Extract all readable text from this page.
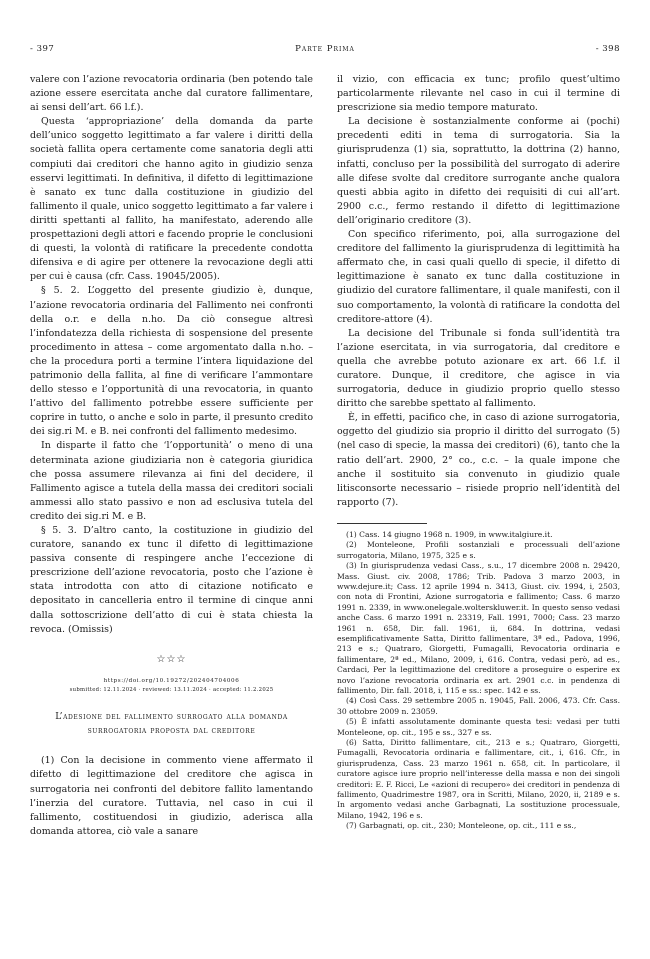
- 397	Parte Prima	- 398

valere con l’azione revocatoria ordinaria (ben potendo tale azione essere esercitata anche dal curatore fallimentare, ai sensi dell’art. 66 l.f.).

Questa ‘appropriazione’ della domanda da parte dell’unico soggetto legittimato a far valere i diritti della società fallita opera certamente come sanatoria degli atti compiuti dai creditori che hanno agito in giudizio senza esservi legittimati. In definitiva, il difetto di legittimazione è sanato ex tunc dalla costituzione in giudizio del fallimento il quale, unico soggetto legittimato a far valere i diritti spettanti al fallito, ha manifestato, aderendo alle prospettazioni degli attori e facendo proprie le conclusioni di questi, la volontà di ratificare la precedente condotta difensiva e di agire per ottenere la revocazione degli atti per cui è causa (cfr. Cass. 19045/2005).

§ 5. 2. L’oggetto del presente giudizio è, dunque, l’azione revocatoria ordinaria del Fallimento nei confronti della o.r. e della n.ho. Da ciò consegue altresì l’infondatezza della richiesta di sospensione del presente procedimento in attesa – come argomentato dalla n.ho. – che la procedura porti a termine l’intera liquidazione del patrimonio della fallita, al fine di verificare l’ammontare dello stesso e l’opportunità di una revocatoria, in quanto l’attivo del fallimento potrebbe essere sufficiente per coprire in tutto, o anche e solo in parte, il presunto credito dei sig.ri M. e B. nei confronti del fallimento medesimo.

In disparte il fatto che ‘l’opportunità’ o meno di una determinata azione giudiziaria non è categoria giuridica che possa assumere rilevanza ai fini del decidere, il Fallimento agisce a tutela della massa dei creditori sociali ammessi allo stato passivo e non ad esclusiva tutela del credito dei sig.ri M. e B.

§ 5. 3. D’altro canto, la costituzione in giudizio del curatore, sanando ex tunc il difetto di legittimazione passiva consente di respingere anche l’eccezione di prescrizione dell’azione revocatoria, posto che l’azione è stata introdotta con atto di citazione notificato e depositato in cancelleria entro il termine di cinque anni dalla sottoscrizione dell’atto di cui è stata chiesta la revoca. (Omissis)

☆☆☆
https://doi.org/10.19272/202404704006
submitted: 12.11.2024 · reviewed: 13.11.2024 · accepted: 11.2.2025
L’adesione del fallimento surrogato alla domanda surrogatoria proposta dal creditore

(1) Con la decisione in commento viene affermato il difetto di legittimazione del creditore che agisca in surrogatoria nei confronti del debitore fallito lamentando l’inerzia del curatore. Tuttavia, nel caso in cui il fallimento, costituendosi in giudizio, aderisca alla domanda attorea, ciò vale a sanare

il vizio, con efficacia ex tunc; profilo quest’ultimo particolarmente rilevante nel caso in cui il termine di prescrizione sia medio tempore maturato.

La decisione è sostanzialmente conforme ai (pochi) precedenti editi in tema di surrogatoria. Sia la giurisprudenza (1) sia, soprattutto, la dottrina (2) hanno, infatti, concluso per la possibilità del surrogato di aderire alle difese svolte dal creditore surrogante anche qualora questi abbia agito in difetto dei requisiti di cui all’art. 2900 c.c., fermo restando il difetto di legittimazione dell’originario creditore (3).

Con specifico riferimento, poi, alla surrogazione del creditore del fallimento la giurisprudenza di legittimità ha affermato che, in casi quali quello di specie, il difetto di legittimazione è sanato ex tunc dalla costituzione in giudizio del curatore fallimentare, il quale manifesti, con il suo comportamento, la volontà di ratificare la condotta del creditore-attore (4).

La decisione del Tribunale si fonda sull’identità tra l’azione esercitata, in via surrogatoria, dal creditore e quella che avrebbe potuto azionare ex art. 66 l.f. il curatore. Dunque, il creditore, che agisce in via surrogatoria, deduce in giudizio proprio quello stesso diritto che sarebbe spettato al fallimento.

È, in effetti, pacifico che, in caso di azione surrogatoria, oggetto del giudizio sia proprio il diritto del surrogato (5) (nel caso di specie, la massa dei creditori) (6), tanto che la ratio dell’art. 2900, 2° co., c.c. – la quale impone che anche il sostituito sia convenuto in giudizio quale litisconsorte necessario – risiede proprio nell’identità del rapporto (7).

(1) Cass. 14 giugno 1968 n. 1909, in www.italgiure.it.

(2) Monteleone, Profili sostanziali e processuali dell’azione surrogatoria, Milano, 1975, 325 e s.

(3) In giurisprudenza vedasi Cass., s.u., 17 dicembre 2008 n. 29420, Mass. Giust. civ. 2008, 1786; Trib. Padova 3 marzo 2003, in www.dejure.it; Cass. 12 aprile 1994 n. 3413, Giust. civ. 1994, i, 2503, con nota di Frontini, Azione surrogatoria e fallimento; Cass. 6 marzo 1991 n. 2339, in www.onelegale.wolterskluwer.it. In questo senso vedasi anche Cass. 6 marzo 1991 n. 23319, Fall. 1991, 7000; Cass. 23 marzo 1961 n. 658, Dir. fall. 1961, ii, 684. In dottrina, vedasi esemplificativamente Satta, Diritto fallimentare, 3ª ed., Padova, 1996, 213 e s.; Quatraro, Giorgetti, Fumagalli, Revocatoria ordinaria e fallimentare, 2ª ed., Milano, 2009, i, 616. Contra, vedasi però, ad es., Cardaci, Per la legittimazione del creditore a proseguire o esperire ex novo l’azione revocatoria ordinaria ex art. 2901 c.c. in pendenza di fallimento, Dir. fall. 2018, i, 115 e ss.: spec. 142 e ss.

(4) Così Cass. 29 settembre 2005 n. 19045, Fall. 2006, 473. Cfr. Cass. 30 ottobre 2009 n. 23059.

(5) È infatti assolutamente dominante questa tesi: vedasi per tutti Monteleone, op. cit., 195 e ss., 327 e ss.

(6) Satta, Diritto fallimentare, cit., 213 e s.; Quatraro, Giorgetti, Fumagalli, Revocatoria ordinaria e fallimentare, cit., i, 616. Cfr., in giurisprudenza, Cass. 23 marzo 1961 n. 658, cit. In particolare, il curatore agisce iure proprio nell’interesse della massa e non dei singoli creditori: E. F. Ricci, Le «azioni di recupero» dei creditori in pendenza di fallimento, Quadrimestre 1987, ora in Scritti, Milano, 2020, ii, 2189 e s. In argomento vedasi anche Garbagnati, La sostituzione processuale, Milano, 1942, 196 e s.

(7) Garbagnati, op. cit., 230; Monteleone, op. cit., 111 e ss.,
